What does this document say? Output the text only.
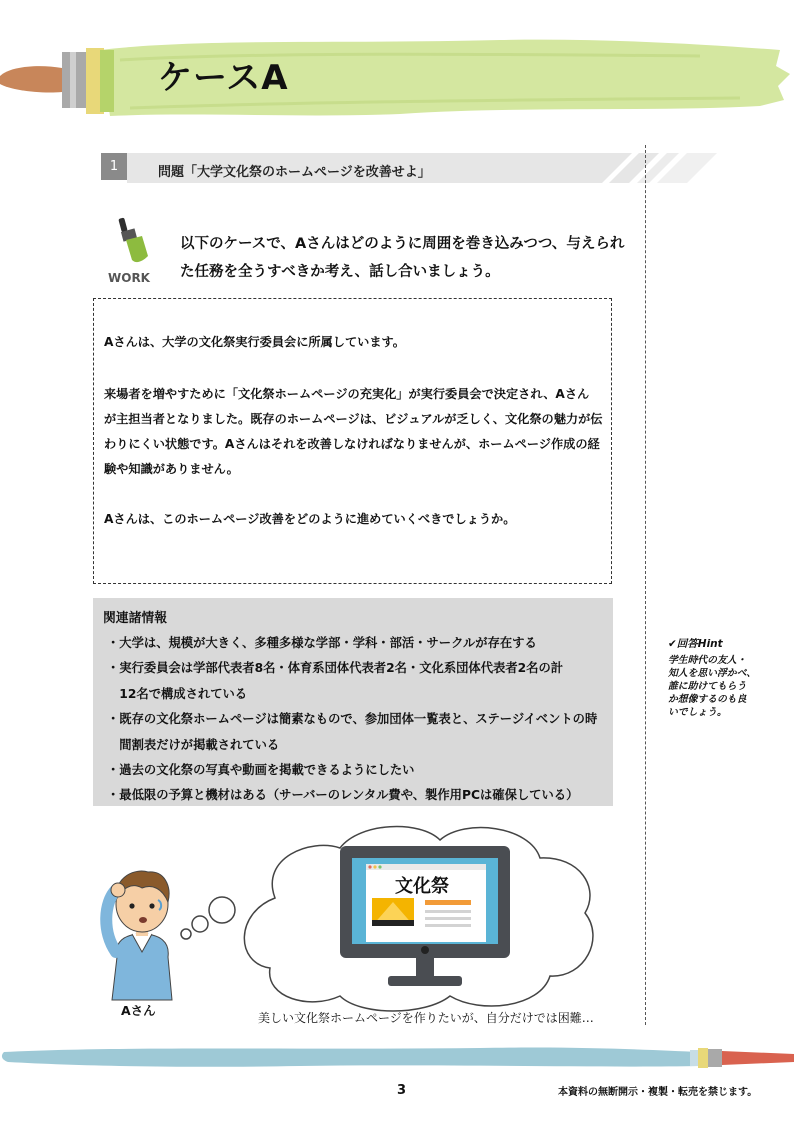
ケースA
1	問題「大学文化祭のホームページを改善せよ」
WORK
以下のケースで、Aさんはどのように周囲を巻き込みつつ、与えられ
た任務を全うすべきか考え、話し合いましょう。
Aさんは、大学の文化祭実行委員会に所属しています。
来場者を増やすために「文化祭ホームページの充実化」が実行委員会で決定され、Aさん
が主担当者となりました。既存のホームページは、ビジュアルが乏しく、文化祭の魅力が伝
わりにくい状態です。Aさんはそれを改善しなければなりませんが、ホームページ作成の経
験や知識がありません。
Aさんは、このホームページ改善をどのように進めていくべきでしょうか。
関連諸情報
・大学は、規模が大きく、多種多様な学部・学科・部活・サークルが存在する
・実行委員会は学部代表者8名・体育系団体代表者2名・文化系団体代表者2名の計
　12名で構成されている
・既存の文化祭ホームページは簡素なもので、参加団体一覧表と、ステージイベントの時
　間割表だけが掲載されている
・過去の文化祭の写真や動画を掲載できるようにしたい
・最低限の予算と機材はある（サーバーのレンタル費や、製作用PCは確保している）
✔回答Hint
学生時代の友人・
知人を思い浮かべ、
誰に助けてもらう
か想像するのも良
いでしょう。
文化祭
Aさん	美しい文化祭ホームページを作りたいが、自分だけでは困難…
3	本資料の無断開示・複製・転売を禁じます。
